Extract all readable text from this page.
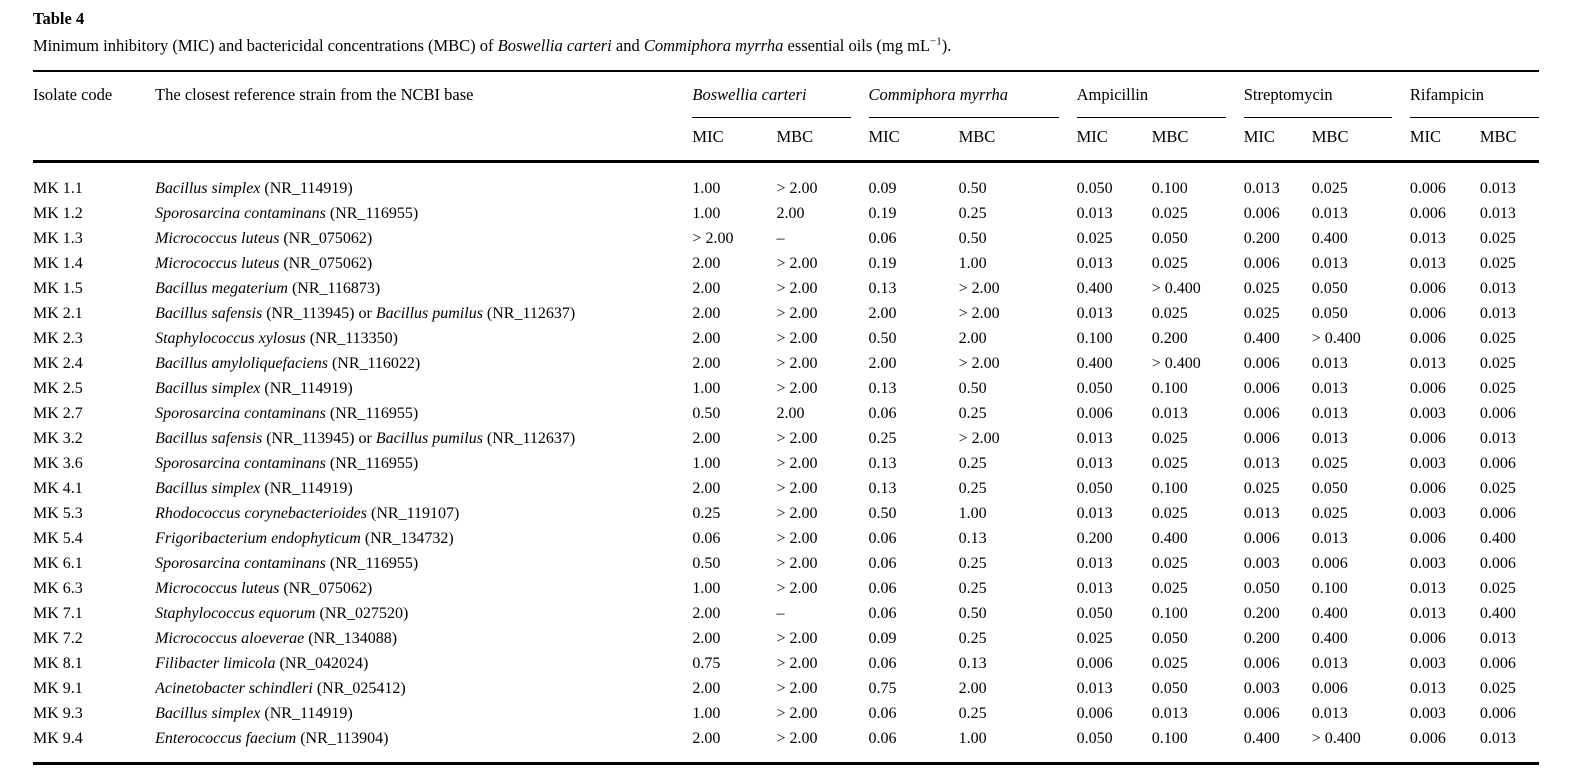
Table 4

Minimum inhibitory (MIC) and bactericidal concentrations (MBC) of Boswellia carteri and Commiphora myrrha essential oils (mg $mL^{-1}$).

Isolate code	The closest reference strain from the NCBI base	Boswellia carteri		Commiphora myrrha		Ampicillin		Streptomycin		Rifampicin	

		MIC	MBC	MIC	MBC	MIC	MBC	MIC	MBC	MIC	MBC
MK 1.1	Bacillus simplex (NR_114919)	1.00	> 2.00	0.09	0.50	0.050	0.100	0.013	0.025	0.006	0.013
MK 1.2	Sporosarcina contaminans (NR_116955)	1.00	2.00	0.19	0.25	0.013	0.025	0.006	0.013	0.006	0.013
MK 1.3	Micrococcus luteus (NR_075062)	> 2.00	–	0.06	0.50	0.025	0.050	0.200	0.400	0.013	0.025
MK 1.4	Micrococcus luteus (NR_075062)	2.00	> 2.00	0.19	1.00	0.013	0.025	0.006	0.013	0.013	0.025
MK 1.5	Bacillus megaterium (NR_116873)	2.00	> 2.00	0.13	> 2.00	0.400	> 0.400	0.025	0.050	0.006	0.013
MK 2.1	Bacillus safensis (NR_113945) or Bacillus pumilus (NR_112637)	2.00	> 2.00	2.00	> 2.00	0.013	0.025	0.025	0.050	0.006	0.013
MK 2.3	Staphylococcus xylosus (NR_113350)	2.00	> 2.00	0.50	2.00	0.100	0.200	0.400	> 0.400	0.006	0.025
MK 2.4	Bacillus amyloliquefaciens (NR_116022)	2.00	> 2.00	2.00	> 2.00	0.400	> 0.400	0.006	0.013	0.013	0.025
MK 2.5	Bacillus simplex (NR_114919)	1.00	> 2.00	0.13	0.50	0.050	0.100	0.006	0.013	0.006	0.025
MK 2.7	Sporosarcina contaminans (NR_116955)	0.50	2.00	0.06	0.25	0.006	0.013	0.006	0.013	0.003	0.006
MK 3.2	Bacillus safensis (NR_113945) or Bacillus pumilus (NR_112637)	2.00	> 2.00	0.25	> 2.00	0.013	0.025	0.006	0.013	0.006	0.013
MK 3.6	Sporosarcina contaminans (NR_116955)	1.00	> 2.00	0.13	0.25	0.013	0.025	0.013	0.025	0.003	0.006
MK 4.1	Bacillus simplex (NR_114919)	2.00	> 2.00	0.13	0.25	0.050	0.100	0.025	0.050	0.006	0.025
MK 5.3	Rhodococcus corynebacterioides (NR_119107)	0.25	> 2.00	0.50	1.00	0.013	0.025	0.013	0.025	0.003	0.006
MK 5.4	Frigoribacterium endophyticum (NR_134732)	0.06	> 2.00	0.06	0.13	0.200	0.400	0.006	0.013	0.006	0.400
MK 6.1	Sporosarcina contaminans (NR_116955)	0.50	> 2.00	0.06	0.25	0.013	0.025	0.003	0.006	0.003	0.006
MK 6.3	Micrococcus luteus (NR_075062)	1.00	> 2.00	0.06	0.25	0.013	0.025	0.050	0.100	0.013	0.025
MK 7.1	Staphylococcus equorum (NR_027520)	2.00	–	0.06	0.50	0.050	0.100	0.200	0.400	0.013	0.400
MK 7.2	Micrococcus aloeverae (NR_134088)	2.00	> 2.00	0.09	0.25	0.025	0.050	0.200	0.400	0.006	0.013
MK 8.1	Filibacter limicola (NR_042024)	0.75	> 2.00	0.06	0.13	0.006	0.025	0.006	0.013	0.003	0.006
MK 9.1	Acinetobacter schindleri (NR_025412)	2.00	> 2.00	0.75	2.00	0.013	0.050	0.003	0.006	0.013	0.025
MK 9.3	Bacillus simplex (NR_114919)	1.00	> 2.00	0.06	0.25	0.006	0.013	0.006	0.013	0.003	0.006
MK 9.4	Enterococcus faecium (NR_113904)	2.00	> 2.00	0.06	1.00	0.050	0.100	0.400	> 0.400	0.006	0.013
